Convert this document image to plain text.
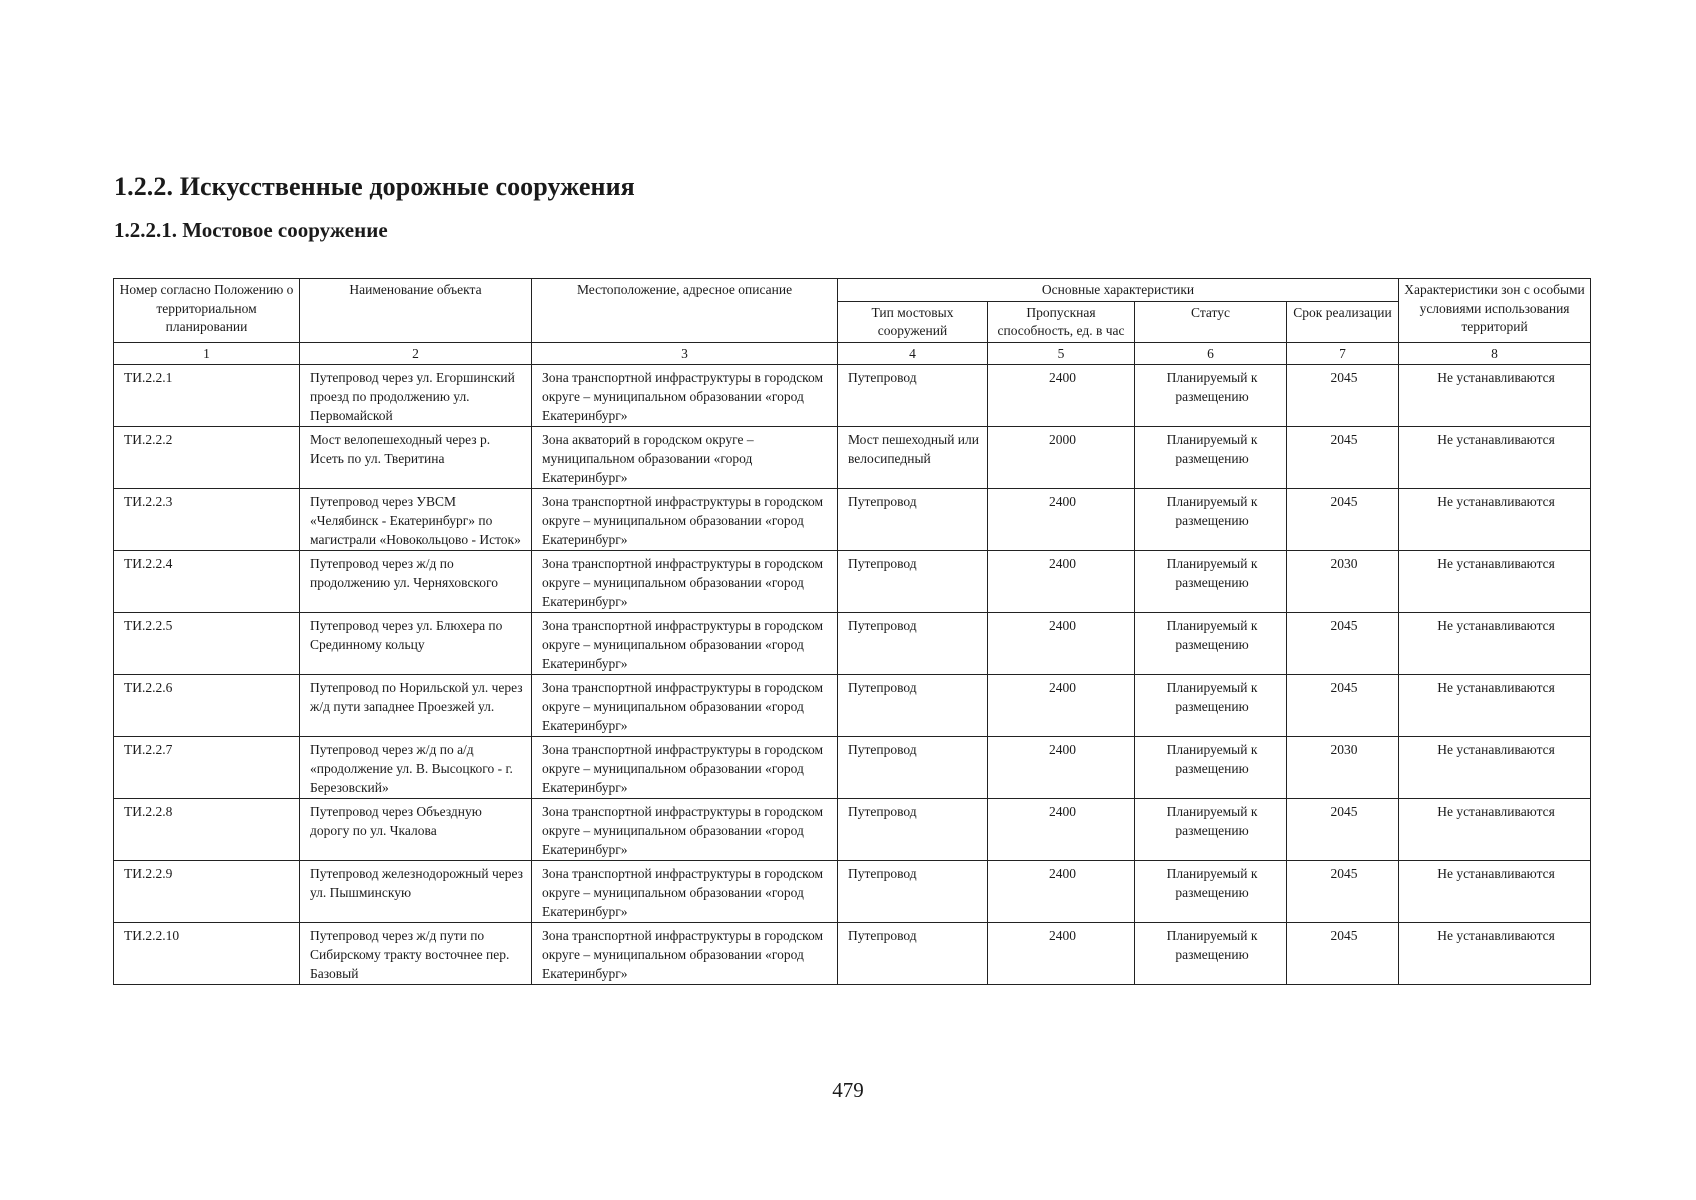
1.2.2. Искусственные дорожные сооружения
1.2.2.1. Мостовое сооружение
Номер согласно Положению о территориальном планировании	Наименование объекта	Местоположение, адресное описание	Основные характеристики				Характеристики зон с особыми условиями использования территорий
			Тип мостовых сооружений	Пропускная способность, ед. в час	Статус	Срок реализации	
1	2	3	4	5	6	7	8
ТИ.2.2.1	Путепровод через ул. Егоршинский проезд по продолжению ул. Первомайской	Зона транспортной инфраструктуры в городском округе – муниципальном образовании «город Екатеринбург»	Путепровод	2400	Планируемый к размещению	2045	Не устанавливаются
ТИ.2.2.2	Мост велопешеходный через р. Исеть по ул. Тверитина	Зона акваторий в городском округе – муниципальном образовании «город Екатеринбург»	Мост пешеходный или велосипедный	2000	Планируемый к размещению	2045	Не устанавливаются
ТИ.2.2.3	Путепровод через УВСМ «Челябинск - Екатеринбург» по магистрали «Новокольцово - Исток»	Зона транспортной инфраструктуры в городском округе – муниципальном образовании «город Екатеринбург»	Путепровод	2400	Планируемый к размещению	2045	Не устанавливаются
ТИ.2.2.4	Путепровод через ж/д по продолжению ул. Черняховского	Зона транспортной инфраструктуры в городском округе – муниципальном образовании «город Екатеринбург»	Путепровод	2400	Планируемый к размещению	2030	Не устанавливаются
ТИ.2.2.5	Путепровод через ул. Блюхера по Срединному кольцу	Зона транспортной инфраструктуры в городском округе – муниципальном образовании «город Екатеринбург»	Путепровод	2400	Планируемый к размещению	2045	Не устанавливаются
ТИ.2.2.6	Путепровод по Норильской ул. через ж/д пути западнее Проезжей ул.	Зона транспортной инфраструктуры в городском округе – муниципальном образовании «город Екатеринбург»	Путепровод	2400	Планируемый к размещению	2045	Не устанавливаются
ТИ.2.2.7	Путепровод через ж/д по а/д «продолжение ул. В. Высоцкого - г. Березовский»	Зона транспортной инфраструктуры в городском округе – муниципальном образовании «город Екатеринбург»	Путепровод	2400	Планируемый к размещению	2030	Не устанавливаются
ТИ.2.2.8	Путепровод через Объездную дорогу по ул. Чкалова	Зона транспортной инфраструктуры в городском округе – муниципальном образовании «город Екатеринбург»	Путепровод	2400	Планируемый к размещению	2045	Не устанавливаются
ТИ.2.2.9	Путепровод железнодорожный через ул. Пышминскую	Зона транспортной инфраструктуры в городском округе – муниципальном образовании «город Екатеринбург»	Путепровод	2400	Планируемый к размещению	2045	Не устанавливаются
ТИ.2.2.10	Путепровод через ж/д пути по Сибирскому тракту восточнее пер. Базовый	Зона транспортной инфраструктуры в городском округе – муниципальном образовании «город Екатеринбург»	Путепровод	2400	Планируемый к размещению	2045	Не устанавливаются
479
